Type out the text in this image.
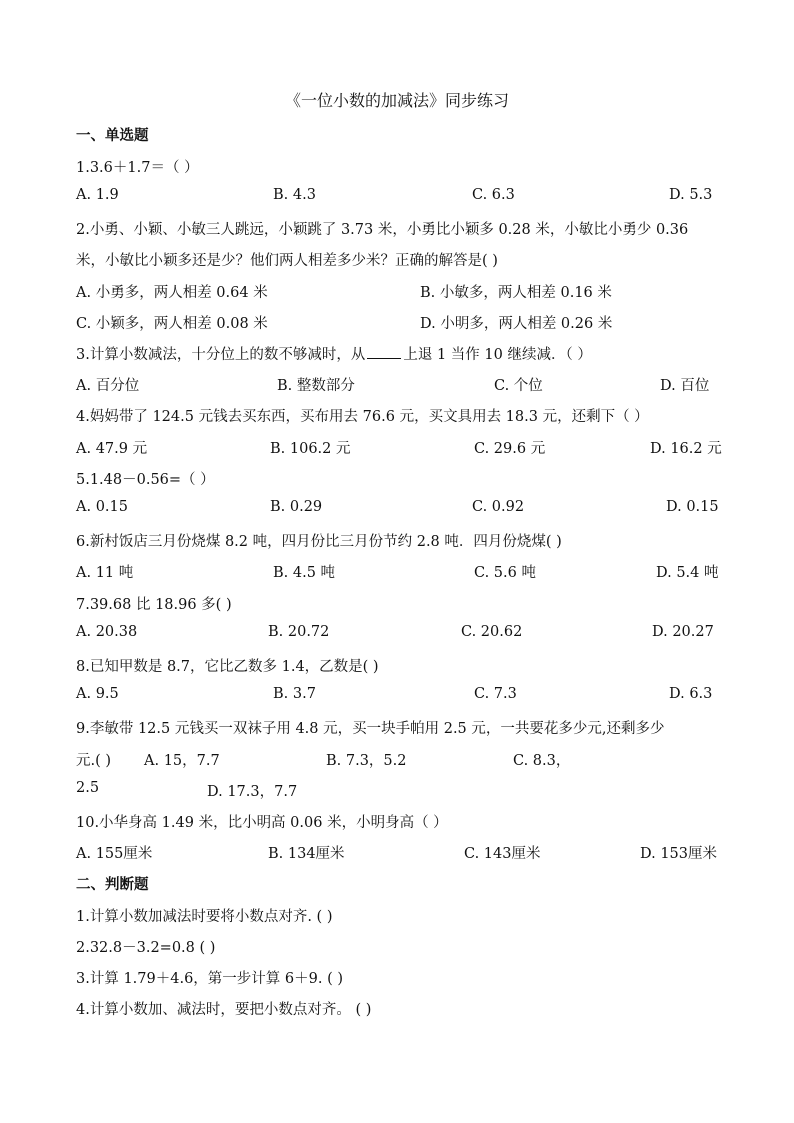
《一位小数的加减法》同步练习
一、单选题
1.3.6＋1.7＝（ ）
A. 1.9	B. 4.3	C. 6.3	D. 5.3
2.小勇、小颖、小敏三人跳远，小颖跳了 3.73 米，小勇比小颖多 0.28 米，小敏比小勇少 0.36
米，小敏比小颖多还是少？他们两人相差多少米？正确的解答是( )
A. 小勇多，两人相差 0.64 米	B. 小敏多，两人相差 0.16 米
C. 小颖多，两人相差 0.08 米	D. 小明多，两人相差 0.26 米
3.计算小数减法，十分位上的数不够减时，从	上退 1 当作 10 继续减．（ ）
A. 百分位	B. 整数部分	C. 个位	D. 百位
4.妈妈带了 124.5 元钱去买东西，买布用去 76.6 元，买文具用去 18.3 元，还剩下（ ）
A. 47.9 元	B. 106.2 元	C. 29.6 元	D. 16.2 元
5.1.48－0.56=（ ）
A. 0.15	B. 0.29	C. 0.92	D. 0.15
6.新村饭店三月份烧煤 8.2 吨，四月份比三月份节约 2.8 吨．四月份烧煤( )
A. 11 吨	B. 4.5 吨	C. 5.6 吨	D. 5.4 吨
7.39.68 比 18.96 多( )
A. 20.38	B. 20.72	C. 20.62	D. 20.27
8.已知甲数是 8.7，它比乙数多 1.4，乙数是( )
A. 9.5	B. 3.7	C. 7.3	D. 6.3
9.李敏带 12.5 元钱买一双袜子用 4.8 元，买一块手帕用 2.5 元，一共要花多少元,还剩多少
元.( ) A. 15，7.7	B. 7.3，5.2	C. 8.3，
2.5	D. 17.3，7.7
10.小华身高 1.49 米，比小明高 0.06 米，小明身高（ ）
A. 155厘米	B. 134厘米	C. 143厘米	D. 153厘米
二、判断题
1.计算小数加减法时要将小数点对齐. ( )
2.32.8－3.2=0.8 ( )
3.计算 1.79＋4.6，第一步计算 6＋9. ( )
4.计算小数加、减法时，要把小数点对齐。 ( )
